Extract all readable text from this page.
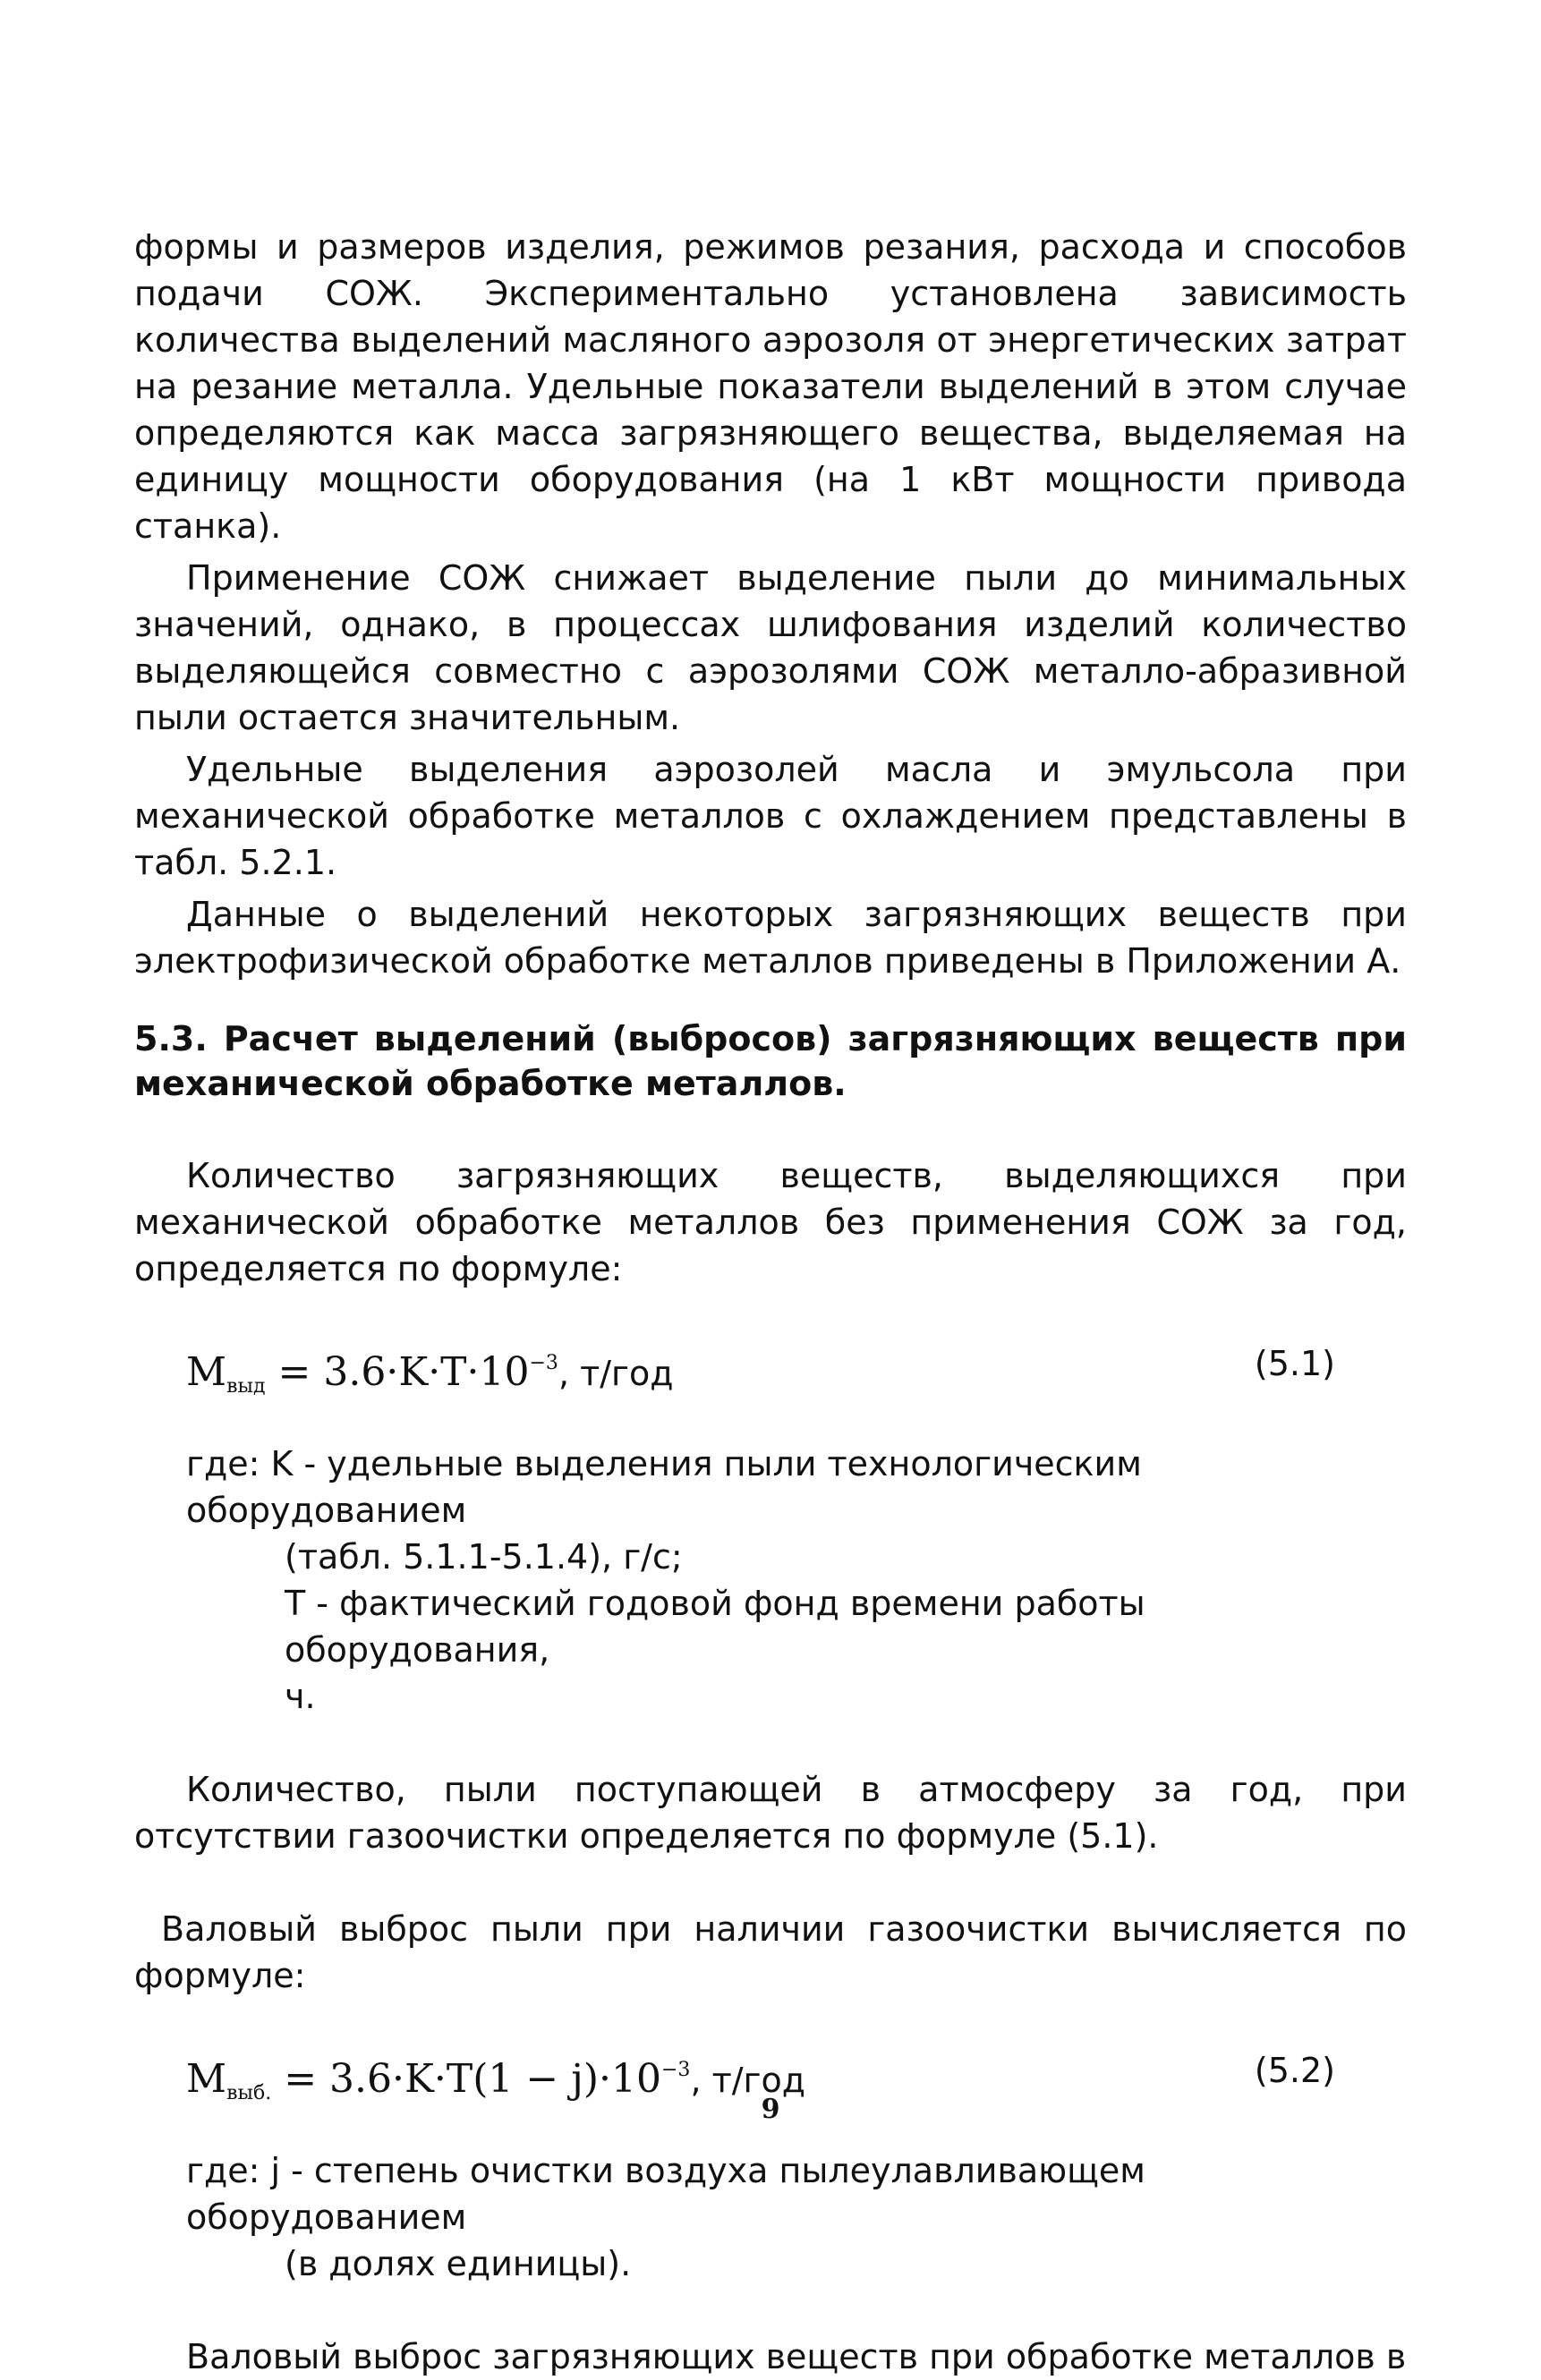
формы и размеров изделия, режимов резания, расхода и способов подачи СОЖ. Экспериментально установлена зависимость количества выделений масляного аэрозоля от энергетических затрат на резание металла. Удельные показатели выделений в этом случае определяются как масса загрязняющего вещества, выделяемая на единицу мощности оборудования (на 1 кВт мощности привода станка).

Применение СОЖ снижает выделение пыли до минимальных значений, однако, в процессах шлифования изделий количество выделяющейся совместно с аэрозолями СОЖ металло-абразивной пыли остается значительным.

Удельные выделения аэрозолей масла и эмульсола при механической обработке металлов с охлаждением представлены в табл. 5.2.1.

Данные о выделений некоторых загрязняющих веществ при электрофизической обработке металлов приведены в Приложении А.

5.3. Расчет выделений (выбросов) загрязняющих веществ при механической обработке металлов.

Количество загрязняющих веществ, выделяющихся при механической обработке металлов без применения СОЖ за год, определяется по формуле:

$M_{выд} = 3.6\cdot K\cdot T\cdot 10^{-3}$, т/год	(5.1)

где: K - удельные выделения пыли технологическим оборудованием

(табл. 5.1.1-5.1.4), г/с;

T - фактический годовой фонд времени работы оборудования,

ч.

Количество, пыли поступающей в атмосферу за год, при отсутствии газоочистки определяется по формуле (5.1).

Валовый выброс пыли при наличии газоочистки вычисляется по формуле:

$M_{выб.} = 3.6\cdot K\cdot T(1 - j)\cdot 10^{-3}$, т/год	(5.2)

где: j - степень очистки воздуха пылеулавливающем оборудованием

(в долях единицы).

Валовый выброс загрязняющих веществ при обработке металлов в

9
